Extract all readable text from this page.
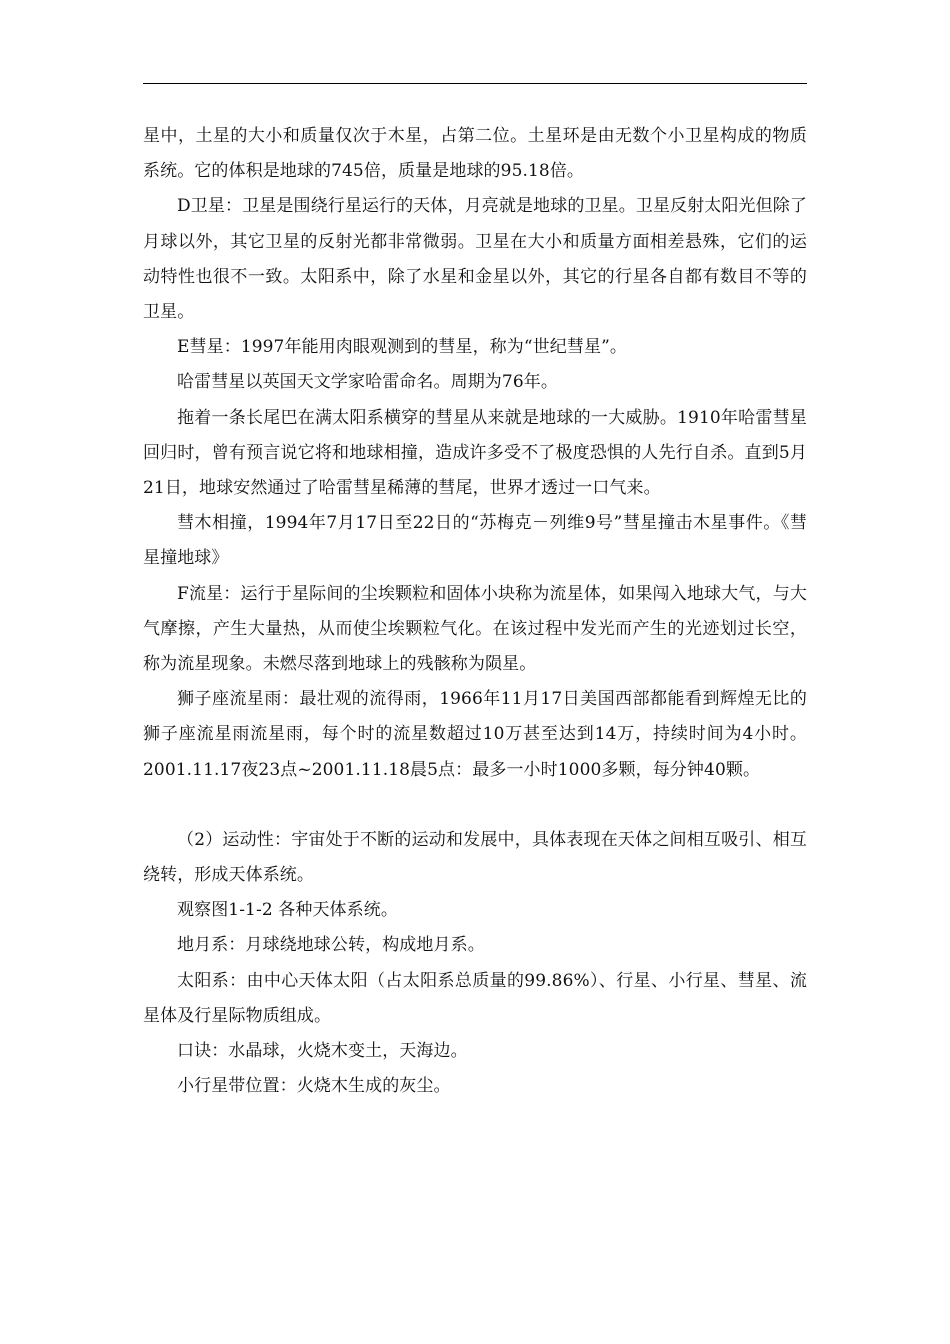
星中，土星的大小和质量仅次于木星，占第二位。土星环是由无数个小卫星构成的物质系统。它的体积是地球的745倍，质量是地球的95.18倍。

D卫星：卫星是围绕行星运行的天体，月亮就是地球的卫星。卫星反射太阳光但除了月球以外，其它卫星的反射光都非常微弱。卫星在大小和质量方面相差悬殊，它们的运动特性也很不一致。太阳系中，除了水星和金星以外，其它的行星各自都有数目不等的卫星。

E彗星：1997年能用肉眼观测到的彗星，称为“世纪彗星”。

哈雷彗星以英国天文学家哈雷命名。周期为76年。

拖着一条长尾巴在满太阳系横穿的彗星从来就是地球的一大威胁。1910年哈雷彗星回归时，曾有预言说它将和地球相撞，造成许多受不了极度恐惧的人先行自杀。直到5月21日，地球安然通过了哈雷彗星稀薄的彗尾，世界才透过一口气来。

彗木相撞，1994年7月17日至22日的“苏梅克－列维9号”彗星撞击木星事件。《彗星撞地球》

F流星：运行于星际间的尘埃颗粒和固体小块称为流星体，如果闯入地球大气，与大气摩擦，产生大量热，从而使尘埃颗粒气化。在该过程中发光而产生的光迹划过长空，称为流星现象。未燃尽落到地球上的残骸称为陨星。

狮子座流星雨：最壮观的流得雨，1966年11月17日美国西部都能看到辉煌无比的狮子座流星雨流星雨，每个时的流星数超过10万甚至达到14万，持续时间为4小时。2001.11.17夜23点~2001.11.18晨5点：最多一小时1000多颗，每分钟40颗。

（2）运动性：宇宙处于不断的运动和发展中，具体表现在天体之间相互吸引、相互绕转，形成天体系统。

观察图1-1-2 各种天体系统。

地月系：月球绕地球公转，构成地月系。

太阳系：由中心天体太阳（占太阳系总质量的99.86%）、行星、小行星、彗星、流星体及行星际物质组成。

口诀：水晶球，火烧木变土，天海边。

小行星带位置：火烧木生成的灰尘。
